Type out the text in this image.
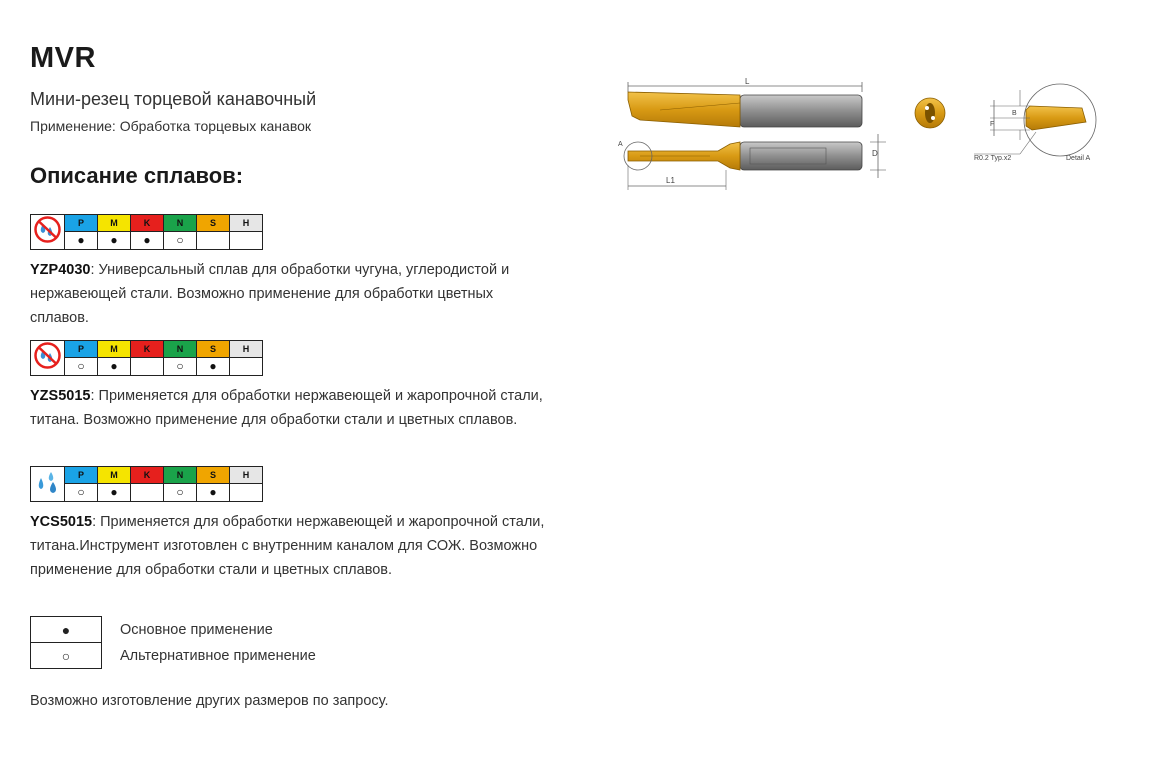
MVR
Мини-резец торцевой канавочный
Применение: Обработка торцевых канавок
Описание сплавов:
	P	M	K	N	S	H
	●	●	●	○		
YZP4030: Универсальный сплав для обработки чугуна, углеродистой и нержавеющей стали. Возможно применение для обработки цветных сплавов.
	P	M	K	N	S	H
	○	●		○	●	
YZS5015: Применяется для обработки нержавеющей и жаропрочной стали, титана. Возможно применение для обработки стали и цветных сплавов.
	P	M	K	N	S	H
	○	●		○	●	
YCS5015: Применяется для обработки нержавеющей и жаропрочной стали, титана.Инструмент изготовлен с внутренним каналом для СОЖ. Возможно применение для обработки стали и цветных сплавов.
●	Основное применение
○	Альтернативное применение
Возможно изготовление других размеров по запросу.
L
A
L1
D
B
F
R0.2 Typ.x2	Detail A
